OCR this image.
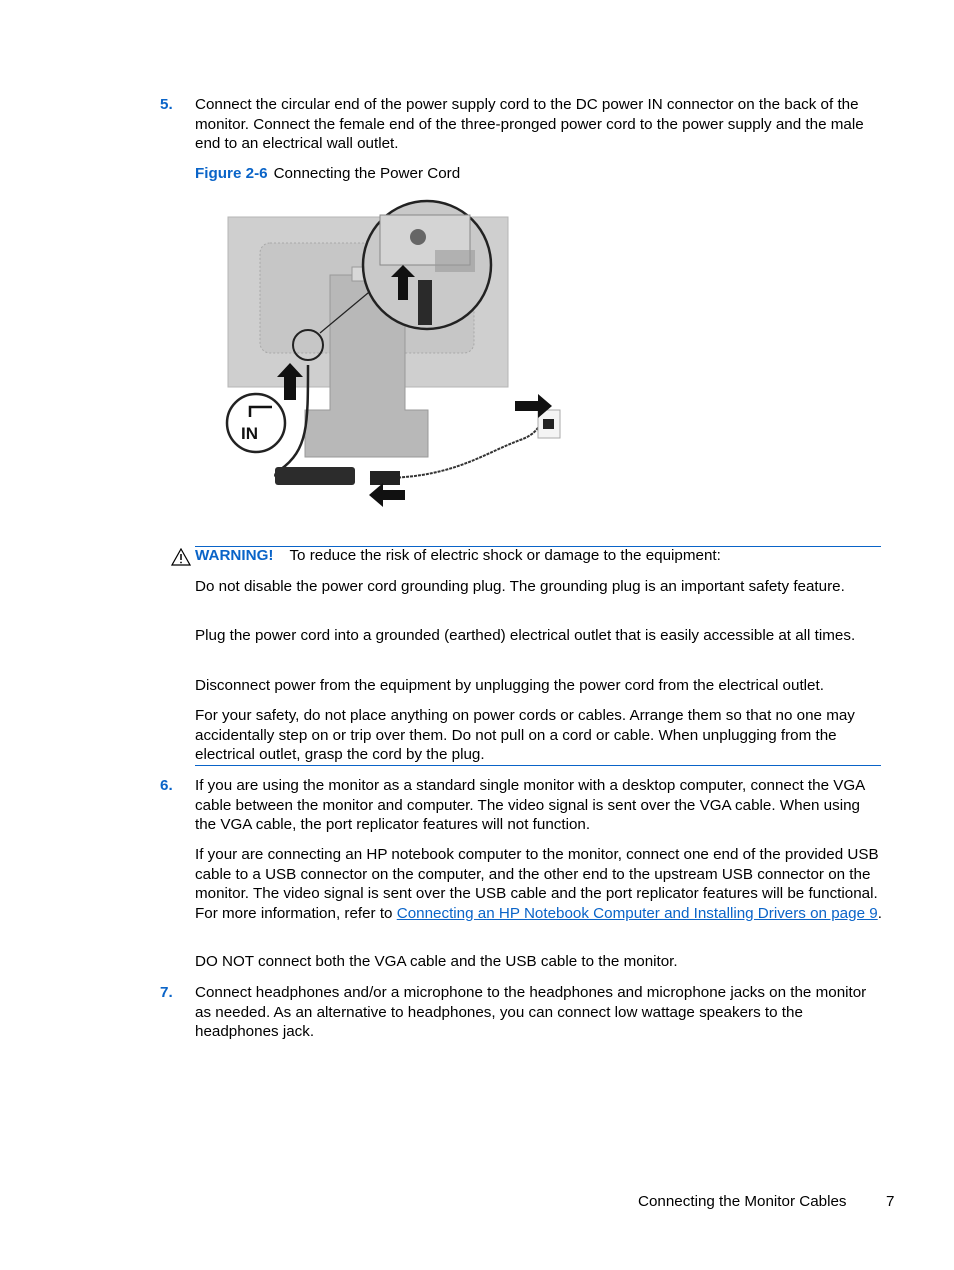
5. Connect the circular end of the power supply cord to the DC power IN connector on the back of the monitor. Connect the female end of the three-pronged power cord to the power supply and the male end to an electrical wall outlet.

Figure 2-6 Connecting the Power Cord
IN
WARNING! To reduce the risk of electric shock or damage to the equipment:

Do not disable the power cord grounding plug. The grounding plug is an important safety feature.

Plug the power cord into a grounded (earthed) electrical outlet that is easily accessible at all times.

Disconnect power from the equipment by unplugging the power cord from the electrical outlet.

For your safety, do not place anything on power cords or cables. Arrange them so that no one may accidentally step on or trip over them. Do not pull on a cord or cable. When unplugging from the electrical outlet, grasp the cord by the plug.

6. If you are using the monitor as a standard single monitor with a desktop computer, connect the VGA cable between the monitor and computer. The video signal is sent over the VGA cable. When using the VGA cable, the port replicator features will not function.

If your are connecting an HP notebook computer to the monitor, connect one end of the provided USB cable to a USB connector on the computer, and the other end to the upstream USB connector on the monitor. The video signal is sent over the USB cable and the port replicator features will be functional. For more information, refer to Connecting an HP Notebook Computer and Installing Drivers on page 9.

DO NOT connect both the VGA cable and the USB cable to the monitor.

7. Connect headphones and/or a microphone to the headphones and microphone jacks on the monitor as needed. As an alternative to headphones, you can connect low wattage speakers to the headphones jack.

Connecting the Monitor Cables	7
